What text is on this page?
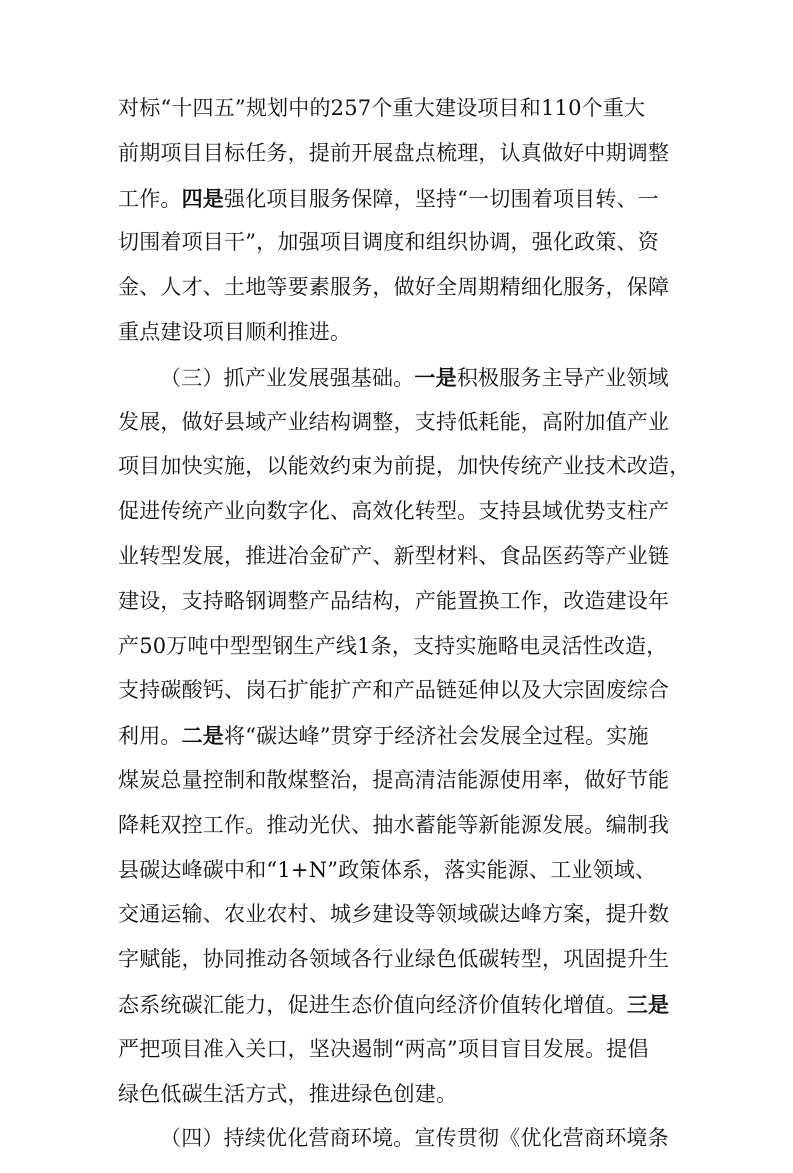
对标“十四五”规划中的257个重大建设项目和110个重大
前期项目目标任务，提前开展盘点梳理，认真做好中期调整
工作。四是强化项目服务保障，坚持“一切围着项目转、一
切围着项目干”，加强项目调度和组织协调，强化政策、资
金、人才、土地等要素服务，做好全周期精细化服务，保障
重点建设项目顺利推进。
（三）抓产业发展强基础。一是积极服务主导产业领域
发展，做好县域产业结构调整，支持低耗能，高附加值产业
项目加快实施，以能效约束为前提，加快传统产业技术改造，
促进传统产业向数字化、高效化转型。支持县域优势支柱产
业转型发展，推进冶金矿产、新型材料、食品医药等产业链
建设，支持略钢调整产品结构，产能置换工作，改造建设年
产50万吨中型型钢生产线1条，支持实施略电灵活性改造，
支持碳酸钙、岗石扩能扩产和产品链延伸以及大宗固废综合
利用。二是将“碳达峰”贯穿于经济社会发展全过程。实施
煤炭总量控制和散煤整治，提高清洁能源使用率，做好节能
降耗双控工作。推动光伏、抽水蓄能等新能源发展。编制我
县碳达峰碳中和“1+N”政策体系，落实能源、工业领域、
交通运输、农业农村、城乡建设等领域碳达峰方案，提升数
字赋能，协同推动各领域各行业绿色低碳转型，巩固提升生
态系统碳汇能力，促进生态价值向经济价值转化增值。三是
严把项目准入关口，坚决遏制“两高”项目盲目发展。提倡
绿色低碳生活方式，推进绿色创建。
（四）持续优化营商环境。宣传贯彻《优化营商环境条
